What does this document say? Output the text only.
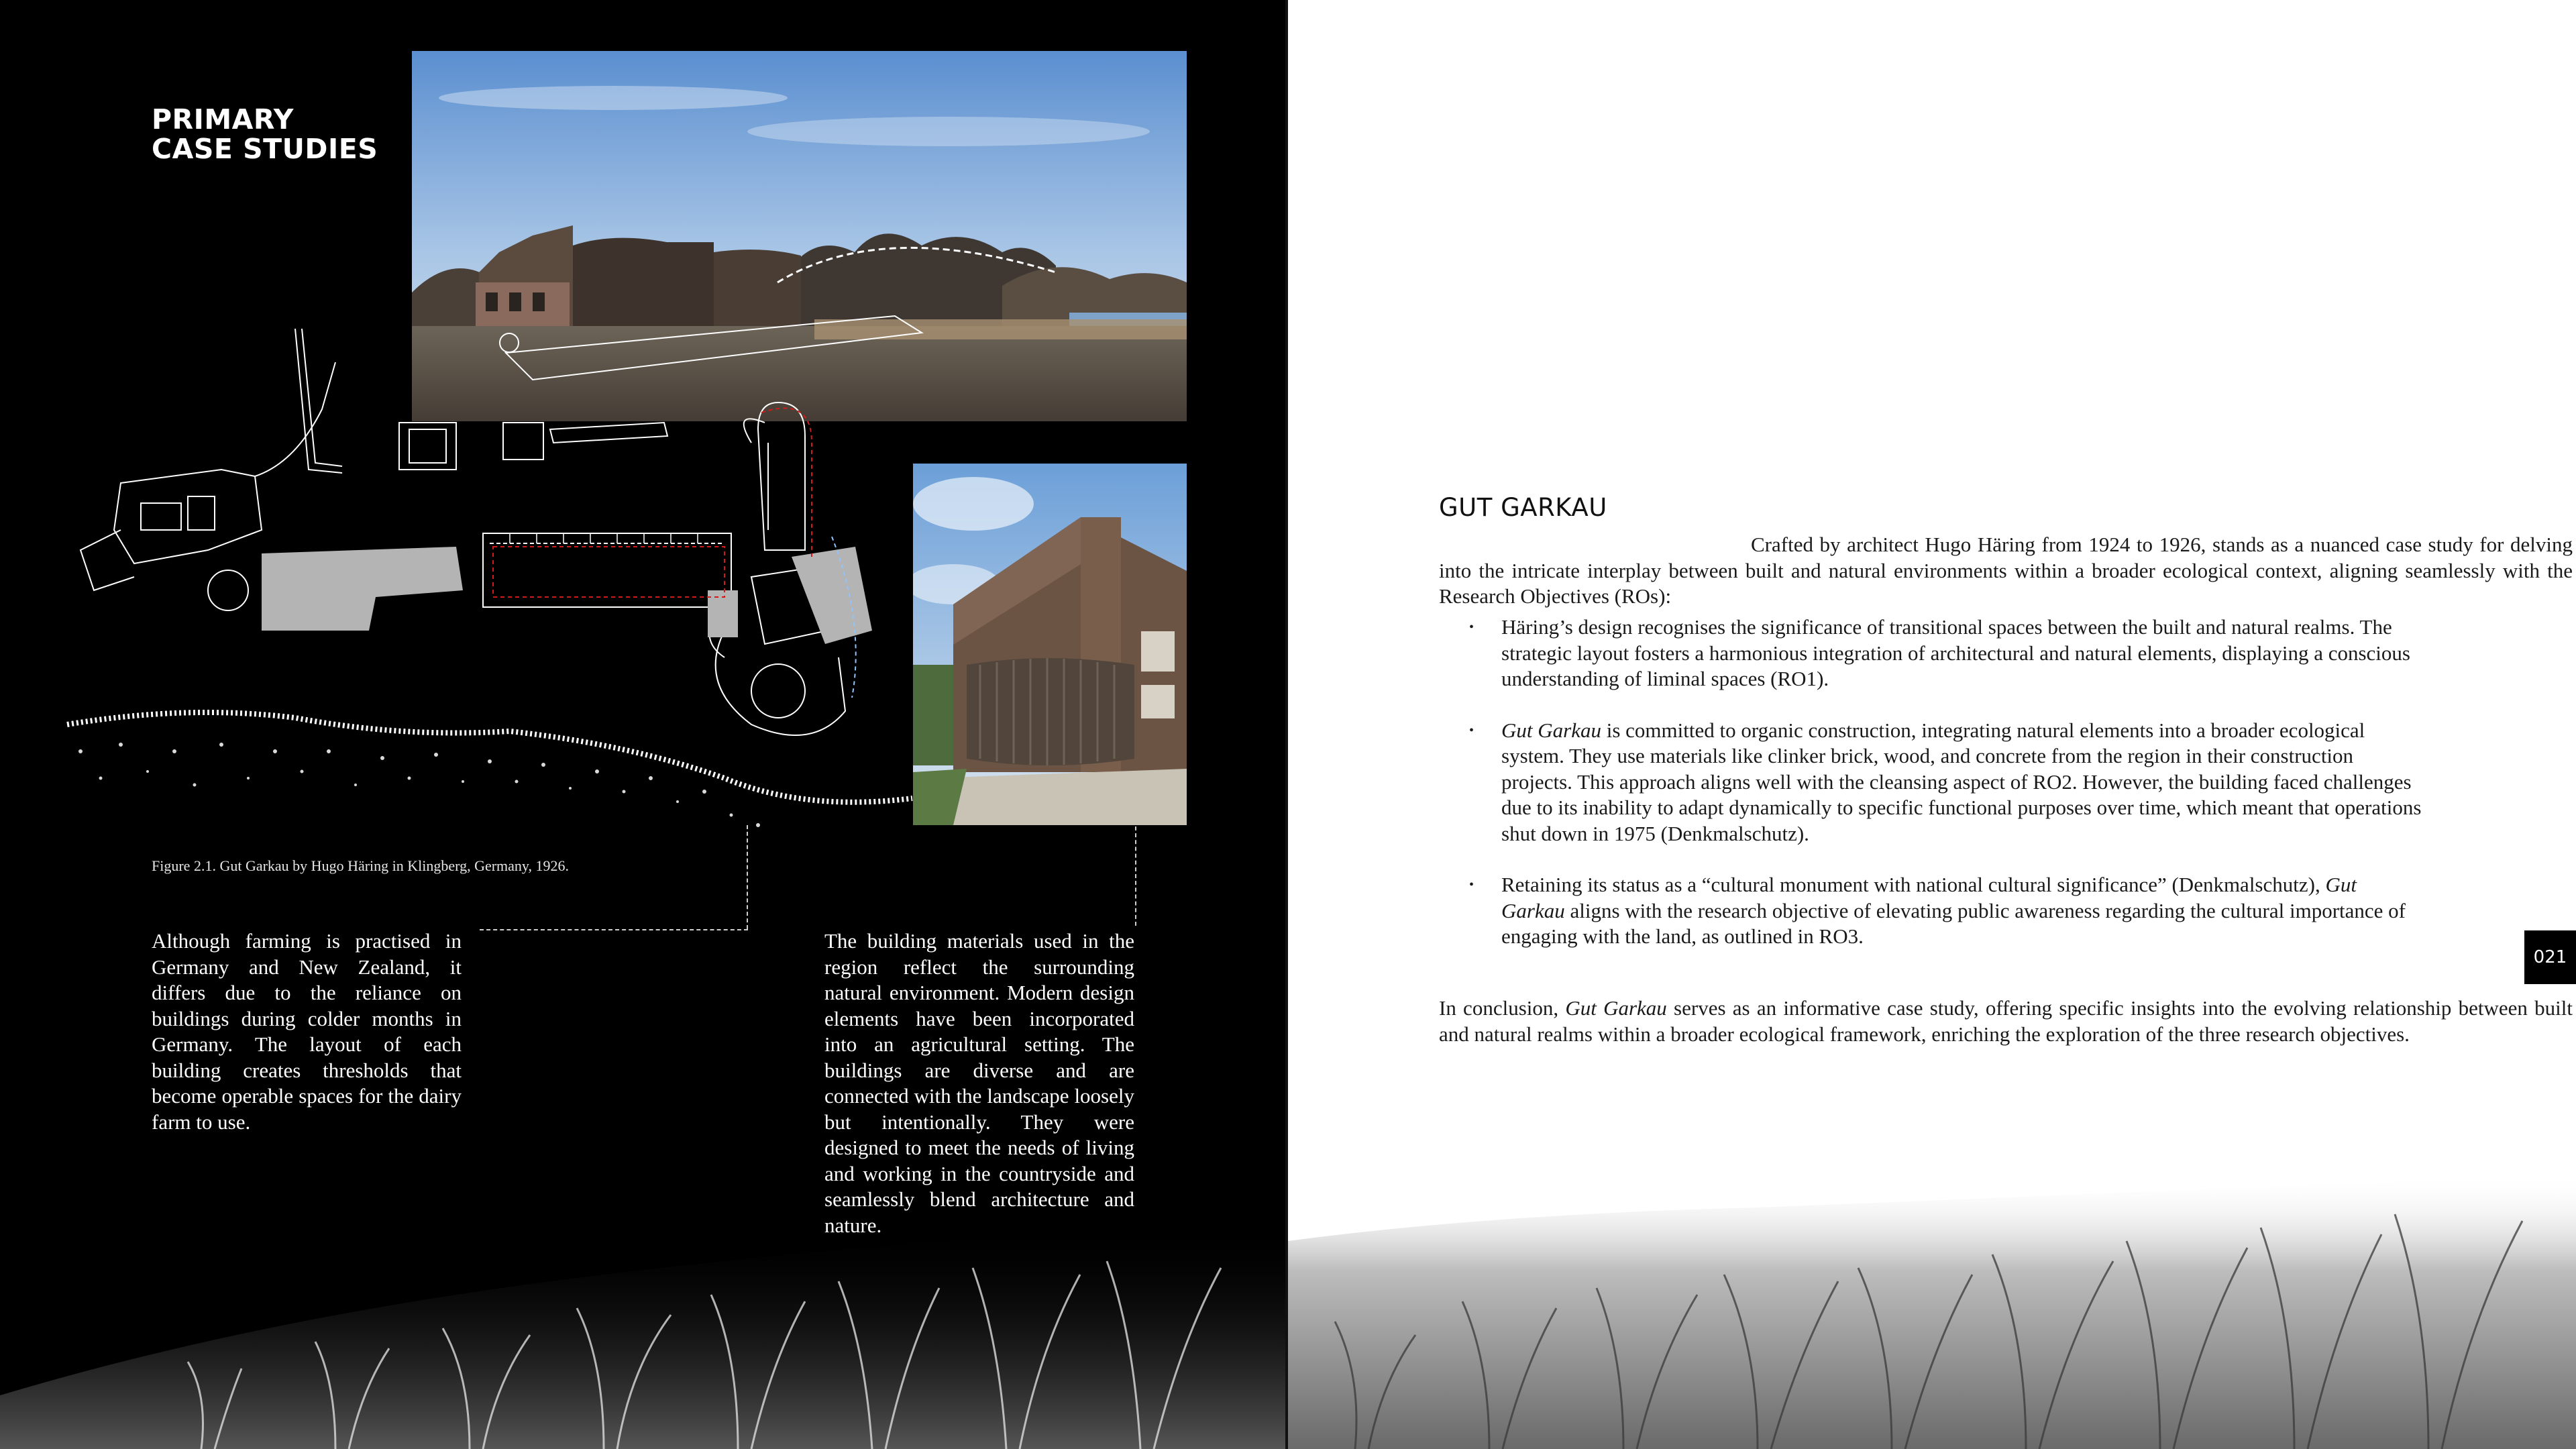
PRIMARY
CASE STUDIES
Figure 2.1. Gut Garkau by Hugo Häring in Klingberg, Germany, 1926.
Although farming is practised in Germany and New Zealand, it differs due to the reliance on buildings during colder months in Germany. The layout of each building creates thresholds that become operable spaces for the dairy farm to use.
The building materials used in the region reflect the surrounding natural environment. Modern design elements have been incorporated into an agricultural setting. The buildings are diverse and are connected with the landscape loosely but intentionally. They were designed to meet the needs of living and working in the countryside and seamlessly blend architecture and nature.
GUT GARKAU

Crafted by architect Hugo Häring from 1924 to 1926, stands as a nuanced case study for delving into the intricate interplay between built and natural environments within a broader ecological context, aligning seamlessly with the Research Objectives (ROs):

• Häring’s design recognises the significance of transitional spaces between the built and natural realms. The strategic layout fosters a harmonious integration of architectural and natural elements, displaying a conscious understanding of liminal spaces (RO1).
• Gut Garkau is committed to organic construction, integrating natural elements into a broader ecological system. They use materials like clinker brick, wood, and concrete from the region in their construction projects. This approach aligns well with the cleansing aspect of RO2. However, the building faced challenges due to its inability to adapt dynamically to specific functional purposes over time, which meant that operations shut down in 1975 (Denkmalschutz).
• Retaining its status as a “cultural monument with national cultural significance” (Denkmalschutz), Gut Garkau aligns with the research objective of elevating public awareness regarding the cultural importance of engaging with the land, as outlined in RO3.

In conclusion, Gut Garkau serves as an informative case study, offering specific insights into the evolving relationship between built and natural realms within a broader ecological framework, enriching the exploration of the three research objectives.

021
